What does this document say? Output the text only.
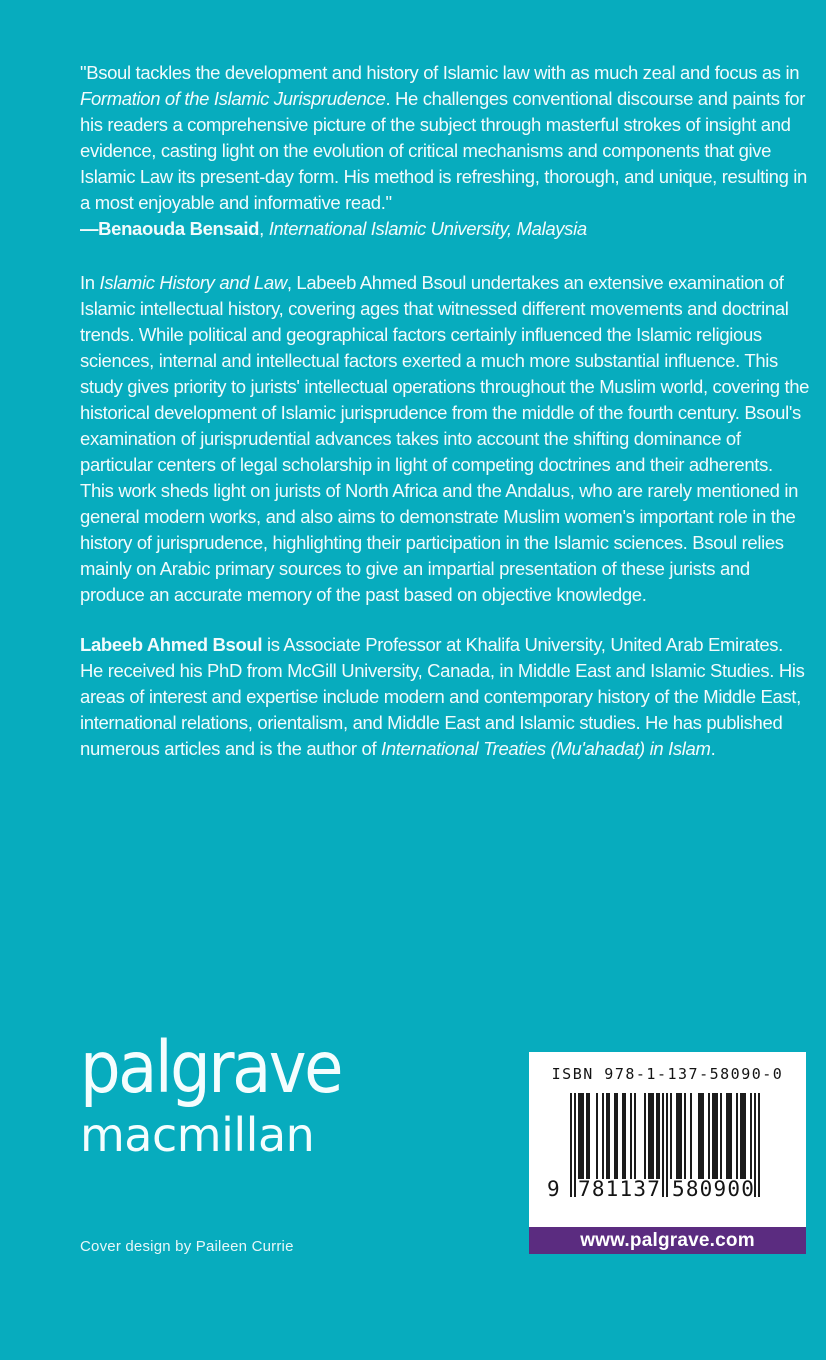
"Bsoul tackles the development and history of Islamic law with as much zeal and focus as in Formation of the Islamic Jurisprudence. He challenges conventional discourse and paints for his readers a comprehensive picture of the subject through masterful strokes of insight and evidence, casting light on the evolution of critical mechanisms and components that give Islamic Law its present-day form. His method is refreshing, thorough, and unique, resulting in a most enjoyable and informative read."

—Benaouda Bensaid, International Islamic University, Malaysia

In Islamic History and Law, Labeeb Ahmed Bsoul undertakes an extensive examination of Islamic intellectual history, covering ages that witnessed different movements and doctrinal trends. While political and geographical factors certainly influenced the Islamic religious sciences, internal and intellectual factors exerted a much more substantial influence. This study gives priority to jurists' intellectual operations throughout the Muslim world, covering the historical development of Islamic jurisprudence from the middle of the fourth century. Bsoul's examination of jurisprudential advances takes into account the shifting dominance of particular centers of legal scholarship in light of competing doctrines and their adherents. This work sheds light on jurists of North Africa and the Andalus, who are rarely mentioned in general modern works, and also aims to demonstrate Muslim women's important role in the history of jurisprudence, highlighting their participation in the Islamic sciences. Bsoul relies mainly on Arabic primary sources to give an impartial presentation of these jurists and produce an accurate memory of the past based on objective knowledge.

Labeeb Ahmed Bsoul is Associate Professor at Khalifa University, United Arab Emirates. He received his PhD from McGill University, Canada, in Middle East and Islamic Studies. His areas of interest and expertise include modern and contemporary history of the Middle East, international relations, orientalism, and Middle East and Islamic studies. He has published numerous articles and is the author of International Treaties (Mu'ahadat) in Islam.

palgrave
macmillan
ISBN 978-1-137-58090-0
9 781137 580900
www.palgrave.com
Cover design by Paileen Currie
